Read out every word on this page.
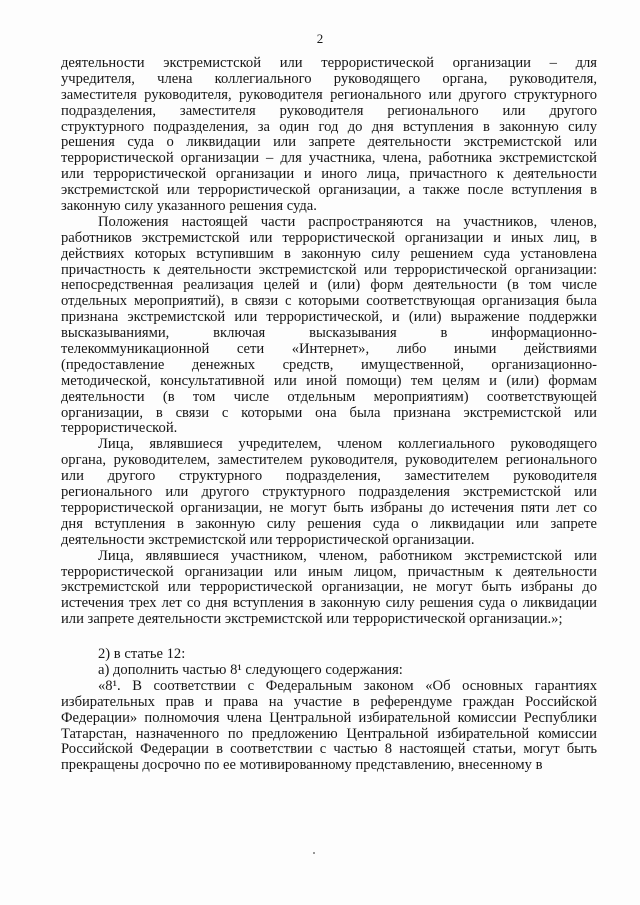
2
деятельности экстремистской или террористической организации – для
учредителя, члена коллегиального руководящего органа, руководителя,
заместителя руководителя, руководителя регионального или другого структурного
подразделения, заместителя руководителя регионального или другого
структурного подразделения, за один год до дня вступления в законную силу
решения суда о ликвидации или запрете деятельности экстремистской или
террористической организации – для участника, члена, работника экстремистской
или террористической организации и иного лица, причастного к деятельности
экстремистской или террористической организации, а также после вступления в
законную силу указанного решения суда.
Положения настоящей части распространяются на участников, членов,
работников экстремистской или террористической организации и иных лиц, в
действиях которых вступившим в законную силу решением суда установлена
причастность к деятельности экстремистской или террористической организации:
непосредственная реализация целей и (или) форм деятельности (в том числе
отдельных мероприятий), в связи с которыми соответствующая организация была
признана экстремистской или террористической, и (или) выражение поддержки
высказываниями, включая высказывания в информационно-
телекоммуникационной сети «Интернет», либо иными действиями
(предоставление денежных средств, имущественной, организационно-
методической, консультативной или иной помощи) тем целям и (или) формам
деятельности (в том числе отдельным мероприятиям) соответствующей
организации, в связи с которыми она была признана экстремистской или
террористической.
Лица, являвшиеся учредителем, членом коллегиального руководящего
органа, руководителем, заместителем руководителя, руководителем регионального
или другого структурного подразделения, заместителем руководителя
регионального или другого структурного подразделения экстремистской или
террористической организации, не могут быть избраны до истечения пяти лет со
дня вступления в законную силу решения суда о ликвидации или запрете
деятельности экстремистской или террористической организации.
Лица, являвшиеся участником, членом, работником экстремистской или
террористической организации или иным лицом, причастным к деятельности
экстремистской или террористической организации, не могут быть избраны до
истечения трех лет со дня вступления в законную силу решения суда о ликвидации
или запрете деятельности экстремистской или террористической организации.»;
2) в статье 12:
а) дополнить частью 8¹ следующего содержания:
«8¹. В соответствии с Федеральным законом «Об основных гарантиях
избирательных прав и права на участие в референдуме граждан Российской
Федерации» полномочия члена Центральной избирательной комиссии Республики
Татарстан, назначенного по предложению Центральной избирательной комиссии
Российской Федерации в соответствии с частью 8 настоящей статьи, могут быть
прекращены досрочно по ее мотивированному представлению, внесенному в
